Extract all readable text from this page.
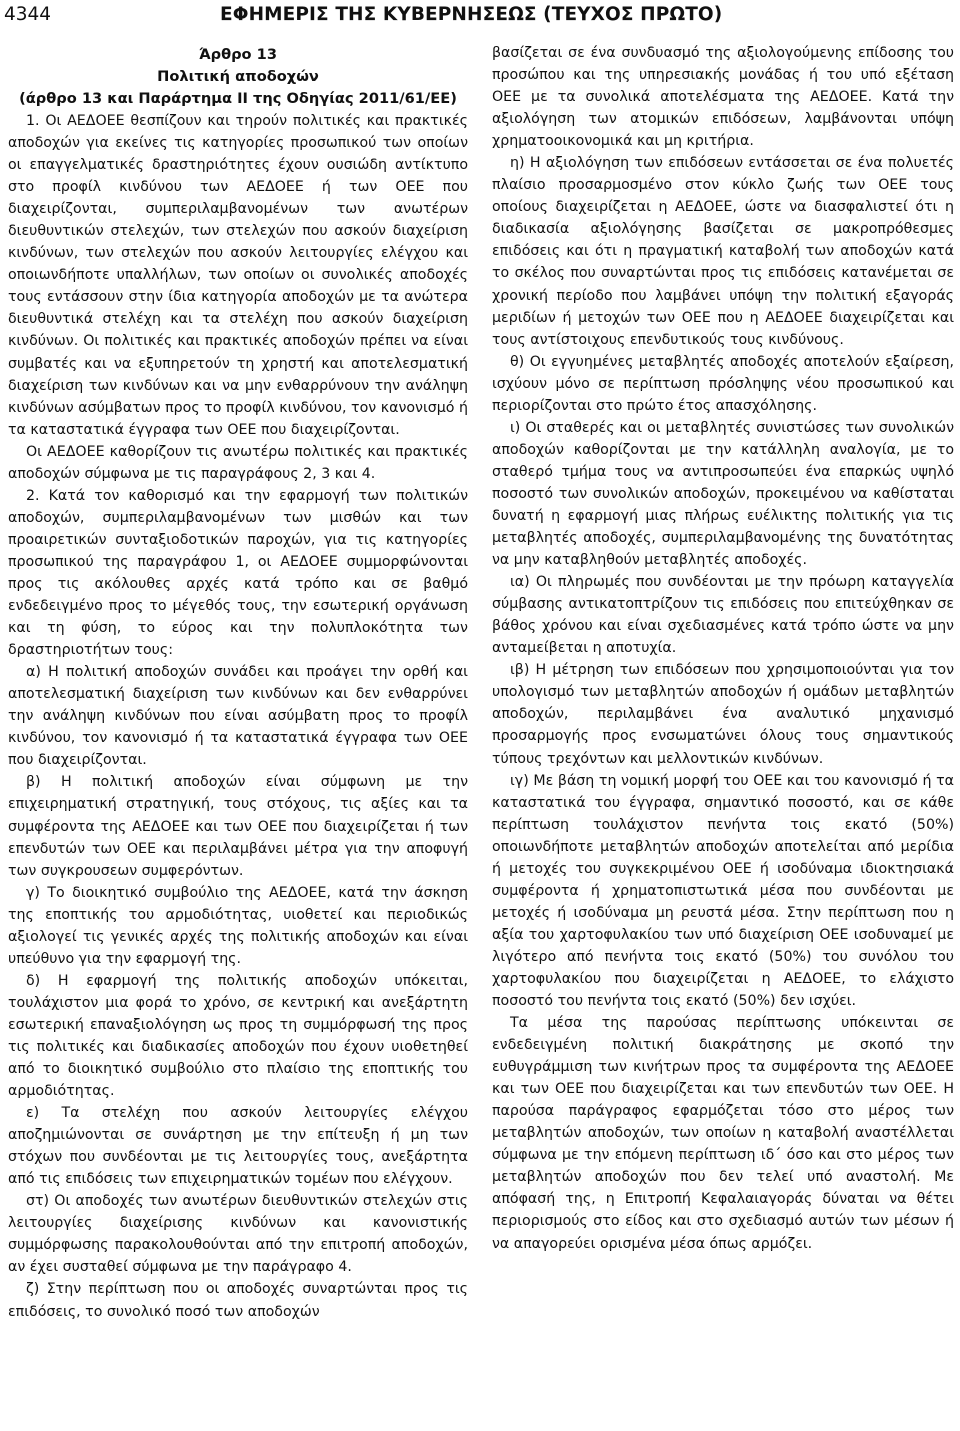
4344	ΕΦΗΜΕΡΙΣ ΤΗΣ ΚΥΒΕΡΝΗΣΕΩΣ (ΤΕΥΧΟΣ ΠΡΩΤΟ)
Άρθρο 13
Πολιτική αποδοχών
(άρθρο 13 και Παράρτημα ΙΙ της Οδηγίας 2011/61/ΕΕ)

1. Οι ΑΕΔΟΕΕ θεσπίζουν και τηρούν πολιτικές και πρακτικές αποδοχών για εκείνες τις κατηγορίες προσωπικού των οποίων οι επαγγελματικές δραστηριότητες έχουν ουσιώδη αντίκτυπο στο προφίλ κινδύνου των ΑΕΔΟΕΕ ή των ΟΕΕ που διαχειρίζονται, συμπεριλαμβανομένων των ανωτέρων διευθυντικών στελεχών, των στελεχών που ασκούν διαχείριση κινδύνων, των στελεχών που ασκούν λειτουργίες ελέγχου και οποιωνδήποτε υπαλλήλων, των οποίων οι συνολικές αποδοχές τους εντάσσουν στην ίδια κατηγορία αποδοχών με τα ανώτερα διευθυντικά στελέχη και τα στελέχη που ασκούν διαχείριση κινδύνων. Οι πολιτικές και πρακτικές αποδοχών πρέπει να είναι συμβατές και να εξυπηρετούν τη χρηστή και αποτελεσματική διαχείριση των κινδύνων και να μην ενθαρρύνουν την ανάληψη κινδύνων ασύμβατων προς το προφίλ κινδύνου, τον κανονισμό ή τα καταστατικά έγγραφα των ΟΕΕ που διαχειρίζονται.

Οι ΑΕΔΟΕΕ καθορίζουν τις ανωτέρω πολιτικές και πρακτικές αποδοχών σύμφωνα με τις παραγράφους 2, 3 και 4.

2. Κατά τον καθορισμό και την εφαρμογή των πολιτικών αποδοχών, συμπεριλαμβανομένων των μισθών και των προαιρετικών συνταξιοδοτικών παροχών, για τις κατηγορίες προσωπικού της παραγράφου 1, οι ΑΕΔΟΕΕ συμμορφώνονται προς τις ακόλουθες αρχές κατά τρόπο και σε βαθμό ενδεδειγμένο προς το μέγεθός τους, την εσωτερική οργάνωση και τη φύση, το εύρος και την πολυπλοκότητα των δραστηριοτήτων τους:

α) Η πολιτική αποδοχών συνάδει και προάγει την ορθή και αποτελεσματική διαχείριση των κινδύνων και δεν ενθαρρύνει την ανάληψη κινδύνων που είναι ασύμβατη προς το προφίλ κινδύνου, τον κανονισμό ή τα καταστατικά έγγραφα των ΟΕΕ που διαχειρίζονται.

β) Η πολιτική αποδοχών είναι σύμφωνη με την επιχειρηματική στρατηγική, τους στόχους, τις αξίες και τα συμφέροντα της ΑΕΔΟΕΕ και των ΟΕΕ που διαχειρίζεται ή των επενδυτών των ΟΕΕ και περιλαμβάνει μέτρα για την αποφυγή των συγκρουσεων συμφερόντων.

γ) Το διοικητικό συμβούλιο της ΑΕΔΟΕΕ, κατά την άσκηση της εποπτικής του αρμοδιότητας, υιοθετεί και περιοδικώς αξιολογεί τις γενικές αρχές της πολιτικής αποδοχών και είναι υπεύθυνο για την εφαρμογή της.

δ) Η εφαρμογή της πολιτικής αποδοχών υπόκειται, τουλάχιστον μια φορά το χρόνο, σε κεντρική και ανεξάρτητη εσωτερική επαναξιολόγηση ως προς τη συμμόρφωσή της προς τις πολιτικές και διαδικασίες αποδοχών που έχουν υιοθετηθεί από το διοικητικό συμβούλιο στο πλαίσιο της εποπτικής του αρμοδιότητας.

ε) Τα στελέχη που ασκούν λειτουργίες ελέγχου αποζημιώνονται σε συνάρτηση με την επίτευξη ή μη των στόχων που συνδέονται με τις λειτουργίες τους, ανεξάρτητα από τις επιδόσεις των επιχειρηματικών τομέων που ελέγχουν.

στ) Οι αποδοχές των ανωτέρων διευθυντικών στελεχών στις λειτουργίες διαχείρισης κινδύνων και κανονιστικής συμμόρφωσης παρακολουθούνται από την επιτροπή αποδοχών, αν έχει συσταθεί σύμφωνα με την παράγραφο 4.

ζ) Στην περίπτωση που οι αποδοχές συναρτώνται προς τις επιδόσεις, το συνολικό ποσό των αποδοχών

βασίζεται σε ένα συνδυασμό της αξιολογούμενης επίδοσης του προσώπου και της υπηρεσιακής μονάδας ή του υπό εξέταση ΟΕΕ με τα συνολικά αποτελέσματα της ΑΕΔΟΕΕ. Κατά την αξιολόγηση των ατομικών επιδόσεων, λαμβάνονται υπόψη χρηματοοικονομικά και μη κριτήρια.

η) Η αξιολόγηση των επιδόσεων εντάσσεται σε ένα πολυετές πλαίσιο προσαρμοσμένο στον κύκλο ζωής των ΟΕΕ τους οποίους διαχειρίζεται η ΑΕΔΟΕΕ, ώστε να διασφαλιστεί ότι η διαδικασία αξιολόγησης βασίζεται σε μακροπρόθεσμες επιδόσεις και ότι η πραγματική καταβολή των αποδοχών κατά το σκέλος που συναρτώνται προς τις επιδόσεις κατανέμεται σε χρονική περίοδο που λαμβάνει υπόψη την πολιτική εξαγοράς μεριδίων ή μετοχών των ΟΕΕ που η ΑΕΔΟΕΕ διαχειρίζεται και τους αντίστοιχους επενδυτικούς τους κινδύνους.

θ) Οι εγγυημένες μεταβλητές αποδοχές αποτελούν εξαίρεση, ισχύουν μόνο σε περίπτωση πρόσληψης νέου προσωπικού και περιορίζονται στο πρώτο έτος απασχόλησης.

ι) Οι σταθερές και οι μεταβλητές συνιστώσες των συνολικών αποδοχών καθορίζονται με την κατάλληλη αναλογία, με το σταθερό τμήμα τους να αντιπροσωπεύει ένα επαρκώς υψηλό ποσοστό των συνολικών αποδοχών, προκειμένου να καθίσταται δυνατή η εφαρμογή μιας πλήρως ευέλικτης πολιτικής για τις μεταβλητές αποδοχές, συμπεριλαμβανομένης της δυνατότητας να μην καταβληθούν μεταβλητές αποδοχές.

ια) Οι πληρωμές που συνδέονται με την πρόωρη καταγγελία σύμβασης αντικατοπτρίζουν τις επιδόσεις που επιτεύχθηκαν σε βάθος χρόνου και είναι σχεδιασμένες κατά τρόπο ώστε να μην ανταμείβεται η αποτυχία.

ιβ) Η μέτρηση των επιδόσεων που χρησιμοποιούνται για τον υπολογισμό των μεταβλητών αποδοχών ή ομάδων μεταβλητών αποδοχών, περιλαμβάνει ένα αναλυτικό μηχανισμό προσαρμογής προς ενσωματώνει όλους τους σημαντικούς τύπους τρεχόντων και μελλοντικών κινδύνων.

ιγ) Με βάση τη νομική μορφή του ΟΕΕ και του κανονισμό ή τα καταστατικά του έγγραφα, σημαντικό ποσοστό, και σε κάθε περίπτωση τουλάχιστον πενήντα τοις εκατό (50%) οποιωνδήποτε μεταβλητών αποδοχών αποτελείται από μερίδια ή μετοχές του συγκεκριμένου ΟΕΕ ή ισοδύναμα ιδιοκτησιακά συμφέροντα ή χρηματοπιστωτικά μέσα που συνδέονται με μετοχές ή ισοδύναμα μη ρευστά μέσα. Στην περίπτωση που η αξία του χαρτοφυλακίου των υπό διαχείριση ΟΕΕ ισοδυναμεί με λιγότερο από πενήντα τοις εκατό (50%) του συνόλου του χαρτοφυλακίου που διαχειρίζεται η ΑΕΔΟΕΕ, το ελάχιστο ποσοστό του πενήντα τοις εκατό (50%) δεν ισχύει.

Τα μέσα της παρούσας περίπτωσης υπόκεινται σε ενδεδειγμένη πολιτική διακράτησης με σκοπό την ευθυγράμμιση των κινήτρων προς τα συμφέροντα της ΑΕΔΟΕΕ και των ΟΕΕ που διαχειρίζεται και των επενδυτών των ΟΕΕ. Η παρούσα παράγραφος εφαρμόζεται τόσο στο μέρος των μεταβλητών αποδοχών, των οποίων η καταβολή αναστέλλεται σύμφωνα με την επόμενη περίπτωση ιδ΄ όσο και στο μέρος των μεταβλητών αποδοχών που δεν τελεί υπό αναστολή. Με απόφασή της, η Επιτροπή Κεφαλαιαγοράς δύναται να θέτει περιορισμούς στο είδος και στο σχεδιασμό αυτών των μέσων ή να απαγορεύει ορισμένα μέσα όπως αρμόζει.
